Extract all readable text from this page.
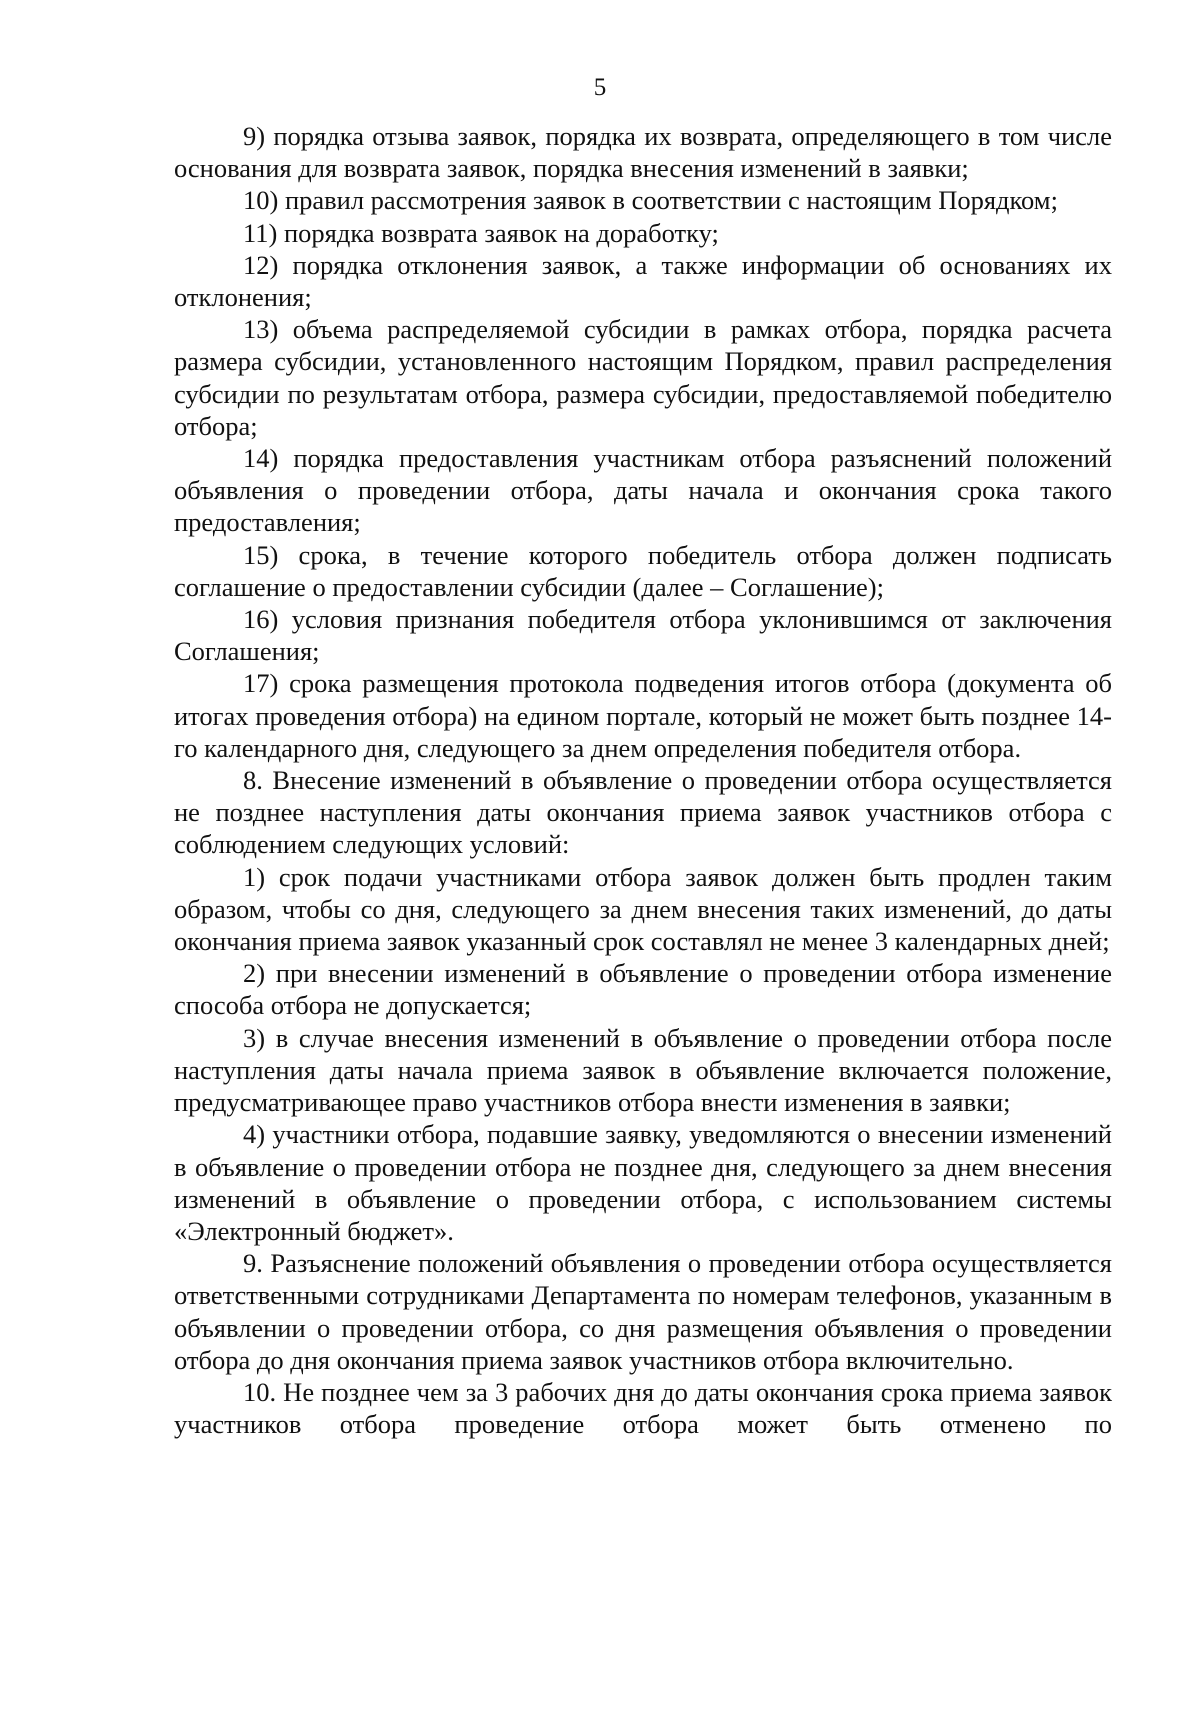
5

9) порядка отзыва заявок, порядка их возврата, определяющего в том числе основания для возврата заявок, порядка внесения изменений в заявки;

10) правил рассмотрения заявок в соответствии с настоящим Порядком;

11) порядка возврата заявок на доработку;

12) порядка отклонения заявок, а также информации об основаниях их отклонения;

13) объема распределяемой субсидии в рамках отбора, порядка расчета размера субсидии, установленного настоящим Порядком, правил распределения субсидии по результатам отбора, размера субсидии, предоставляемой победителю отбора;

14) порядка предоставления участникам отбора разъяснений положений объявления о проведении отбора, даты начала и окончания срока такого предоставления;

15) срока, в течение которого победитель отбора должен подписать соглашение о предоставлении субсидии (далее – Соглашение);

16) условия признания победителя отбора уклонившимся от заключения Соглашения;

17) срока размещения протокола подведения итогов отбора (документа об итогах проведения отбора) на едином портале, который не может быть позднее 14-го календарного дня, следующего за днем определения победителя отбора.

8. Внесение изменений в объявление о проведении отбора осуществляется не позднее наступления даты окончания приема заявок участников отбора с соблюдением следующих условий:

1) срок подачи участниками отбора заявок должен быть продлен таким образом, чтобы со дня, следующего за днем внесения таких изменений, до даты окончания приема заявок указанный срок составлял не менее 3 календарных дней;

2) при внесении изменений в объявление о проведении отбора изменение способа отбора не допускается;

3) в случае внесения изменений в объявление о проведении отбора после наступления даты начала приема заявок в объявление включается положение, предусматривающее право участников отбора внести изменения в заявки;

4) участники отбора, подавшие заявку, уведомляются о внесении изменений в объявление о проведении отбора не позднее дня, следующего за днем внесения изменений в объявление о проведении отбора, с использованием системы «Электронный бюджет».

9. Разъяснение положений объявления о проведении отбора осуществляется ответственными сотрудниками Департамента по номерам телефонов, указанным в объявлении о проведении отбора, со дня размещения объявления о проведении отбора до дня окончания приема заявок участников отбора включительно.

10. Не позднее чем за 3 рабочих дня до даты окончания срока приема заявок участников отбора проведение отбора может быть отменено по
